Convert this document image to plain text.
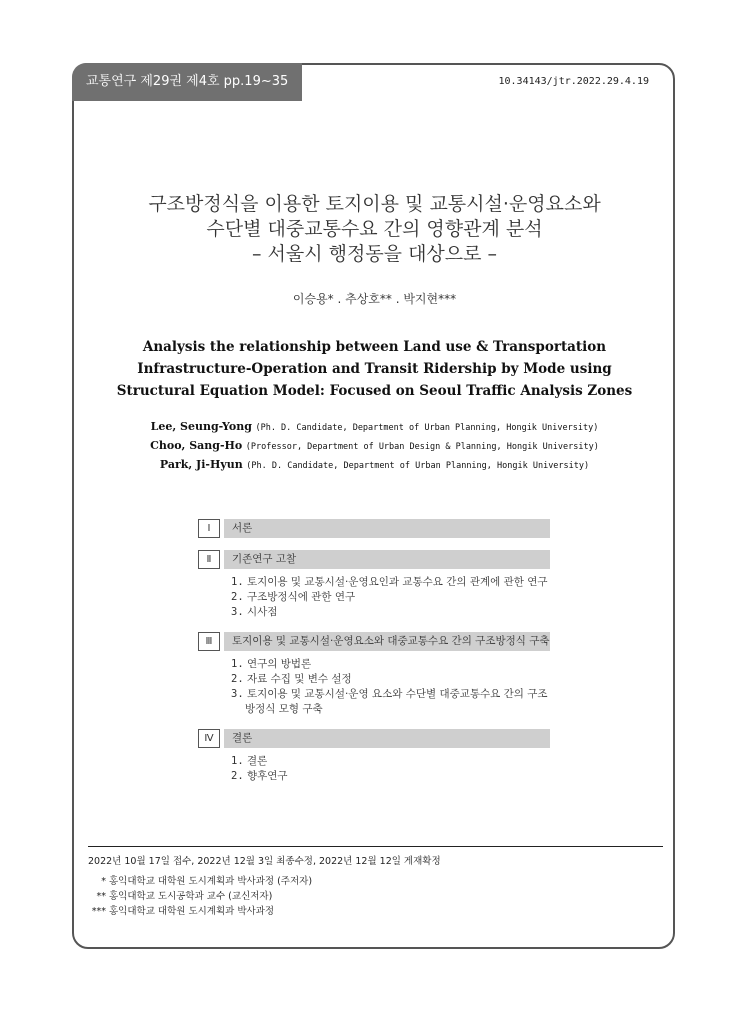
교통연구 제29권 제4호 pp.19~35	10.34143/jtr.2022.29.4.19
구조방정식을 이용한 토지이용 및 교통시설·운영요소와
수단별 대중교통수요 간의 영향관계 분석
– 서울시 행정동을 대상으로 –
이승용* . 추상호** . 박지현***
Analysis the relationship between Land use & Transportation
Infrastructure-Operation and Transit Ridership by Mode using
Structural Equation Model: Focused on Seoul Traffic Analysis Zones
Lee, Seung-Yong (Ph. D. Candidate, Department of Urban Planning, Hongik University)
Choo, Sang-Ho (Professor, Department of Urban Design & Planning, Hongik University)
Park, Ji-Hyun (Ph. D. Candidate, Department of Urban Planning, Hongik University)
Ⅰ	서론
Ⅱ	기존연구 고찰
1. 토지이용 및 교통시설·운영요인과 교통수요 간의 관계에 관한 연구
2. 구조방정식에 관한 연구
3. 시사점
Ⅲ	토지이용 및 교통시설·운영요소와 대중교통수요 간의 구조방정식 구축
1. 연구의 방법론
2. 자료 수집 및 변수 설정
3. 토지이용 및 교통시설·운영 요소와 수단별 대중교통수요 간의 구조방정식 모형 구축
Ⅳ	결론
1. 결론
2. 향후연구
2022년 10월 17일 접수, 2022년 12월 3일 최종수정, 2022년 12월 12일 게재확정
* 홍익대학교 대학원 도시계획과 박사과정 (주저자)
** 홍익대학교 도시공학과 교수 (교신저자)
*** 홍익대학교 대학원 도시계획과 박사과정
